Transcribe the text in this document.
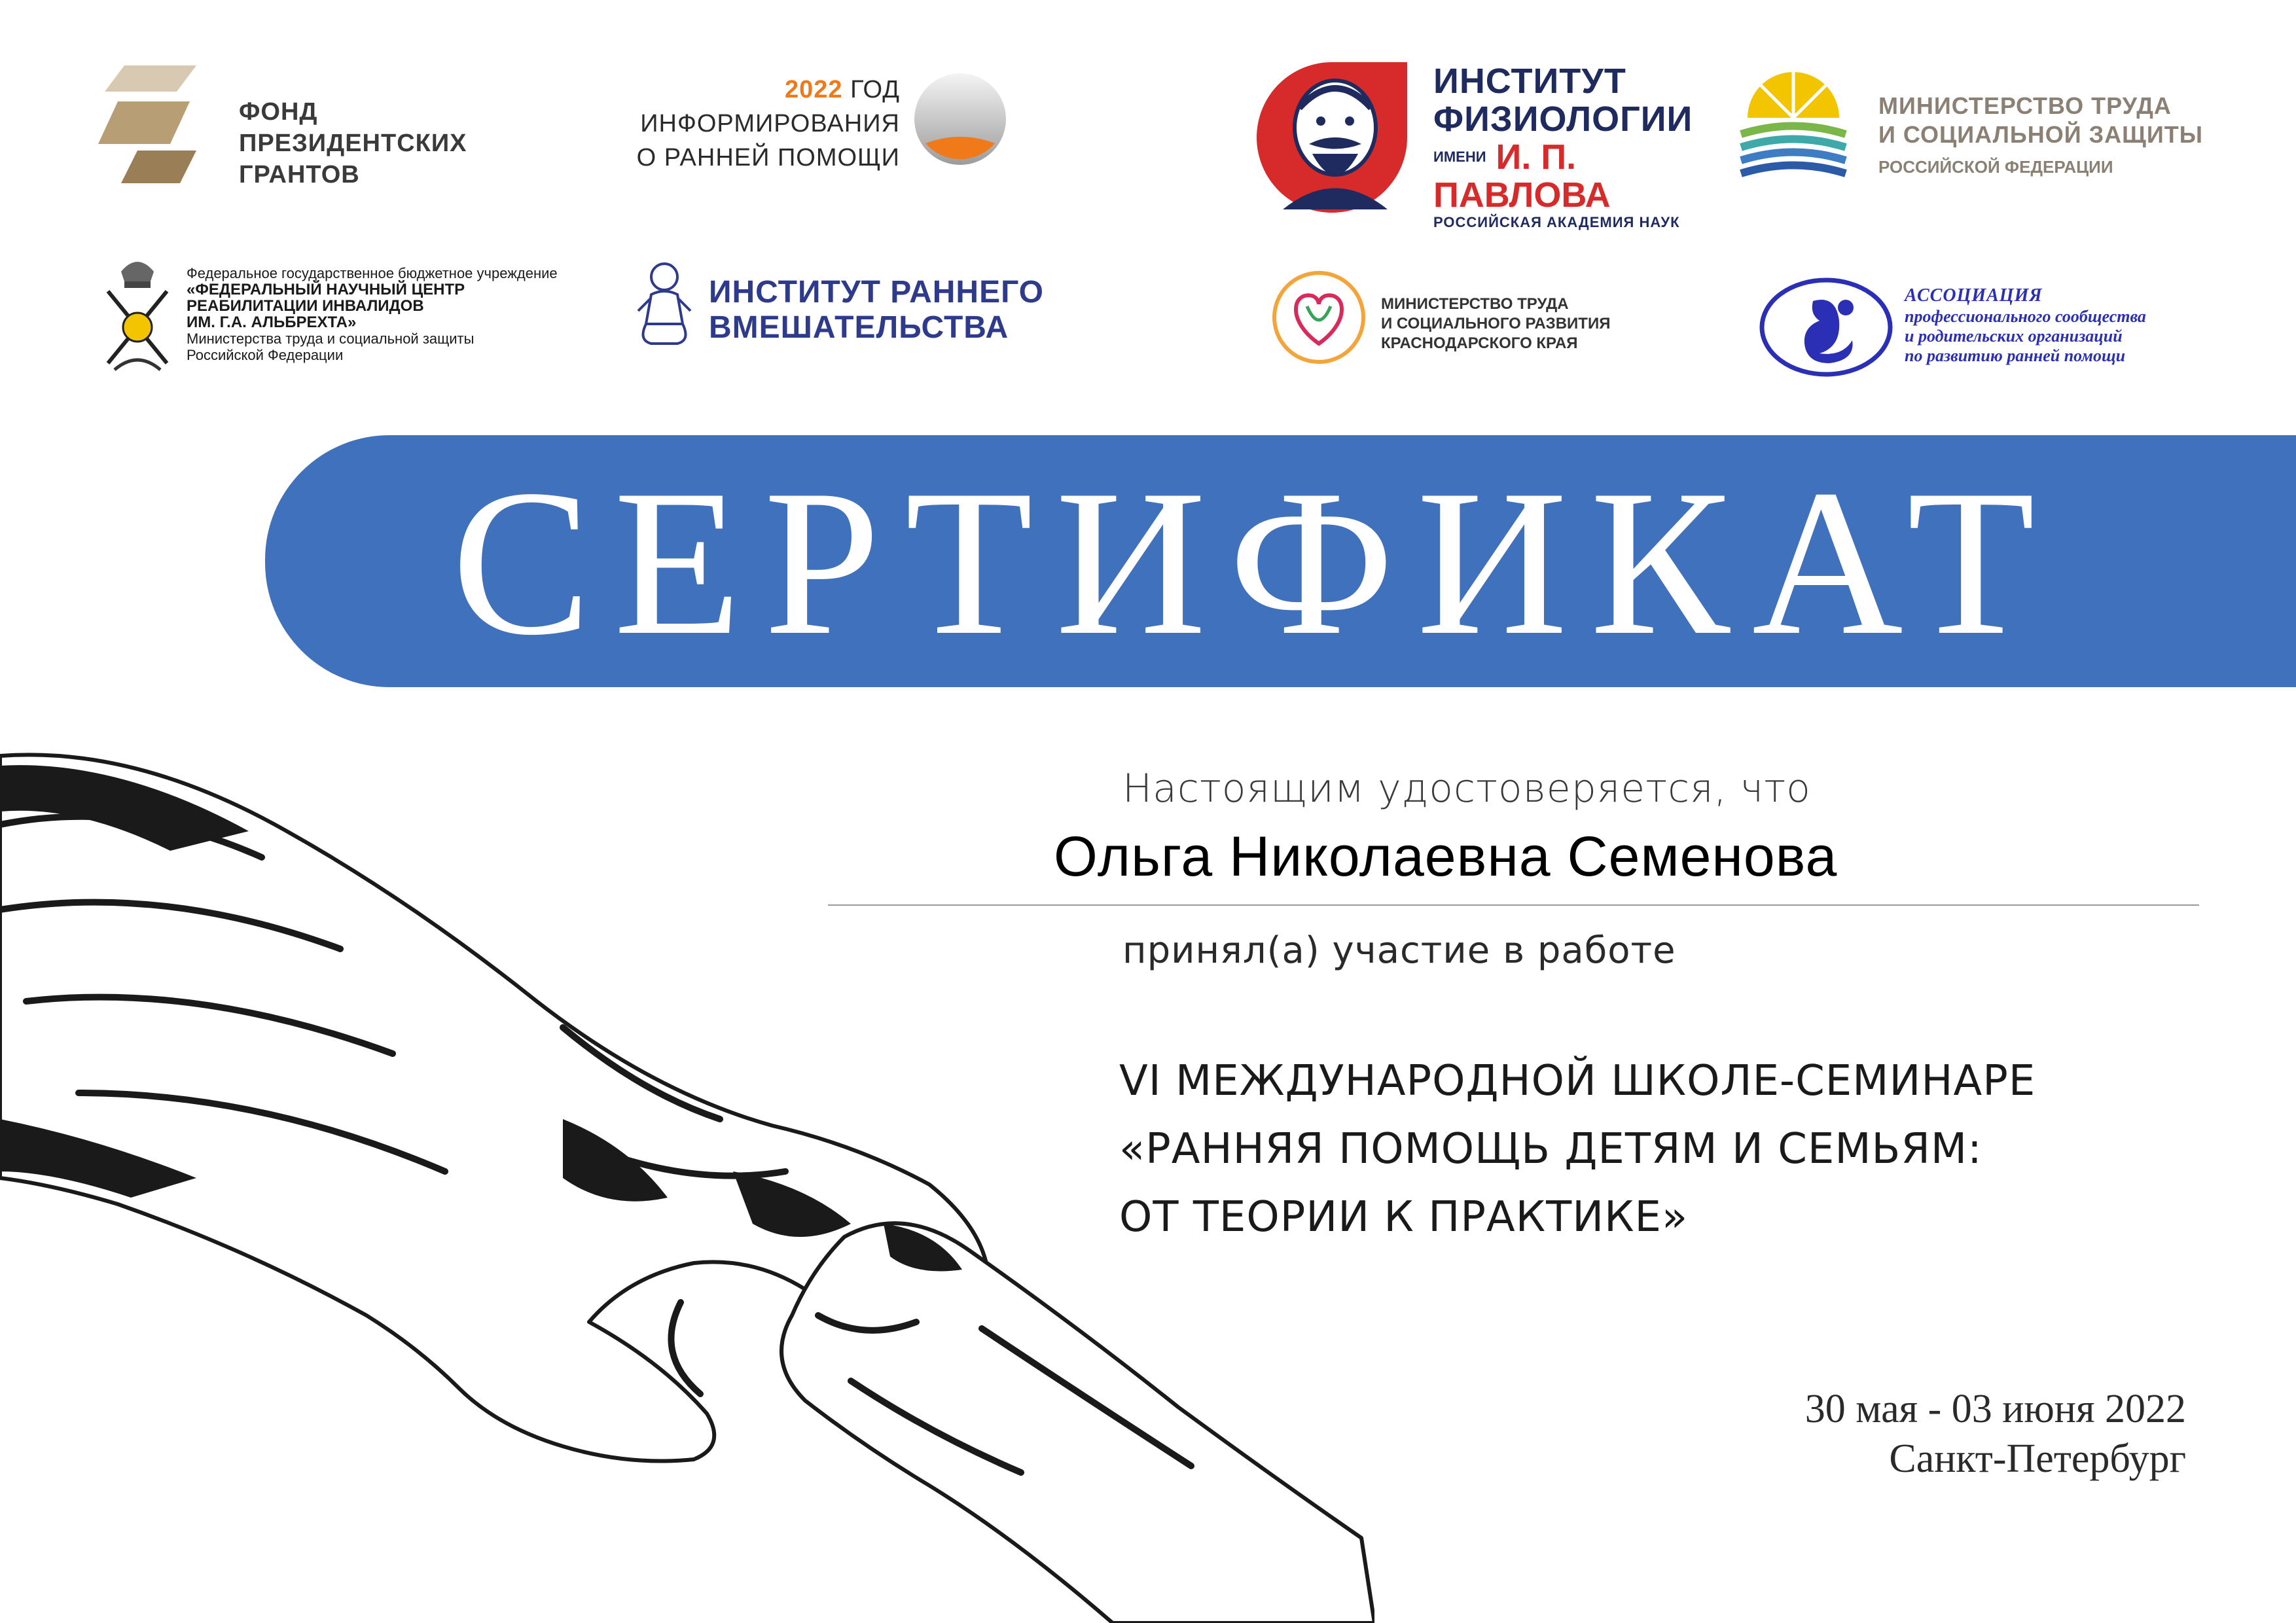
ФОНД
ПРЕЗИДЕНТСКИХ
ГРАНТОВ
2022 ГОД
ИНФОРМИРОВАНИЯ
О РАННЕЙ ПОМОЩИ
ИНСТИТУТ
ФИЗИОЛОГИИ
$^{ИМЕНИ}$ И. П. ПАВЛОВА
РОССИЙСКАЯ АКАДЕМИЯ НАУК
МИНИСТЕРСТВО ТРУДА
И СОЦИАЛЬНОЙ ЗАЩИТЫ
РОССИЙСКОЙ ФЕДЕРАЦИИ
Федеральное государственное бюджетное учреждение
«ФЕДЕРАЛЬНЫЙ НАУЧНЫЙ ЦЕНТР
РЕАБИЛИТАЦИИ ИНВАЛИДОВ
ИМ. Г.А. АЛЬБРЕХТА»
Министерства труда и социальной защиты
Российской Федерации
ИНСТИТУТ РАННЕГО
ВМЕШАТЕЛЬСТВА
МИНИСТЕРСТВО ТРУДА
И СОЦИАЛЬНОГО РАЗВИТИЯ
КРАСНОДАРСКОГО КРАЯ
АССОЦИАЦИЯ
профессионального сообщества
и родительских организаций
по развитию ранней помощи
СЕРТИФИКАТ
Настоящим удостоверяется, что
Ольга Николаевна Семенова
принял(а) участие в работе
VI МЕЖДУНАРОДНОЙ ШКОЛЕ-СЕМИНАРЕ
«РАННЯЯ ПОМОЩЬ ДЕТЯМ И СЕМЬЯМ:
ОТ ТЕОРИИ К ПРАКТИКЕ»
30 мая - 03 июня 2022
Санкт-Петербург
